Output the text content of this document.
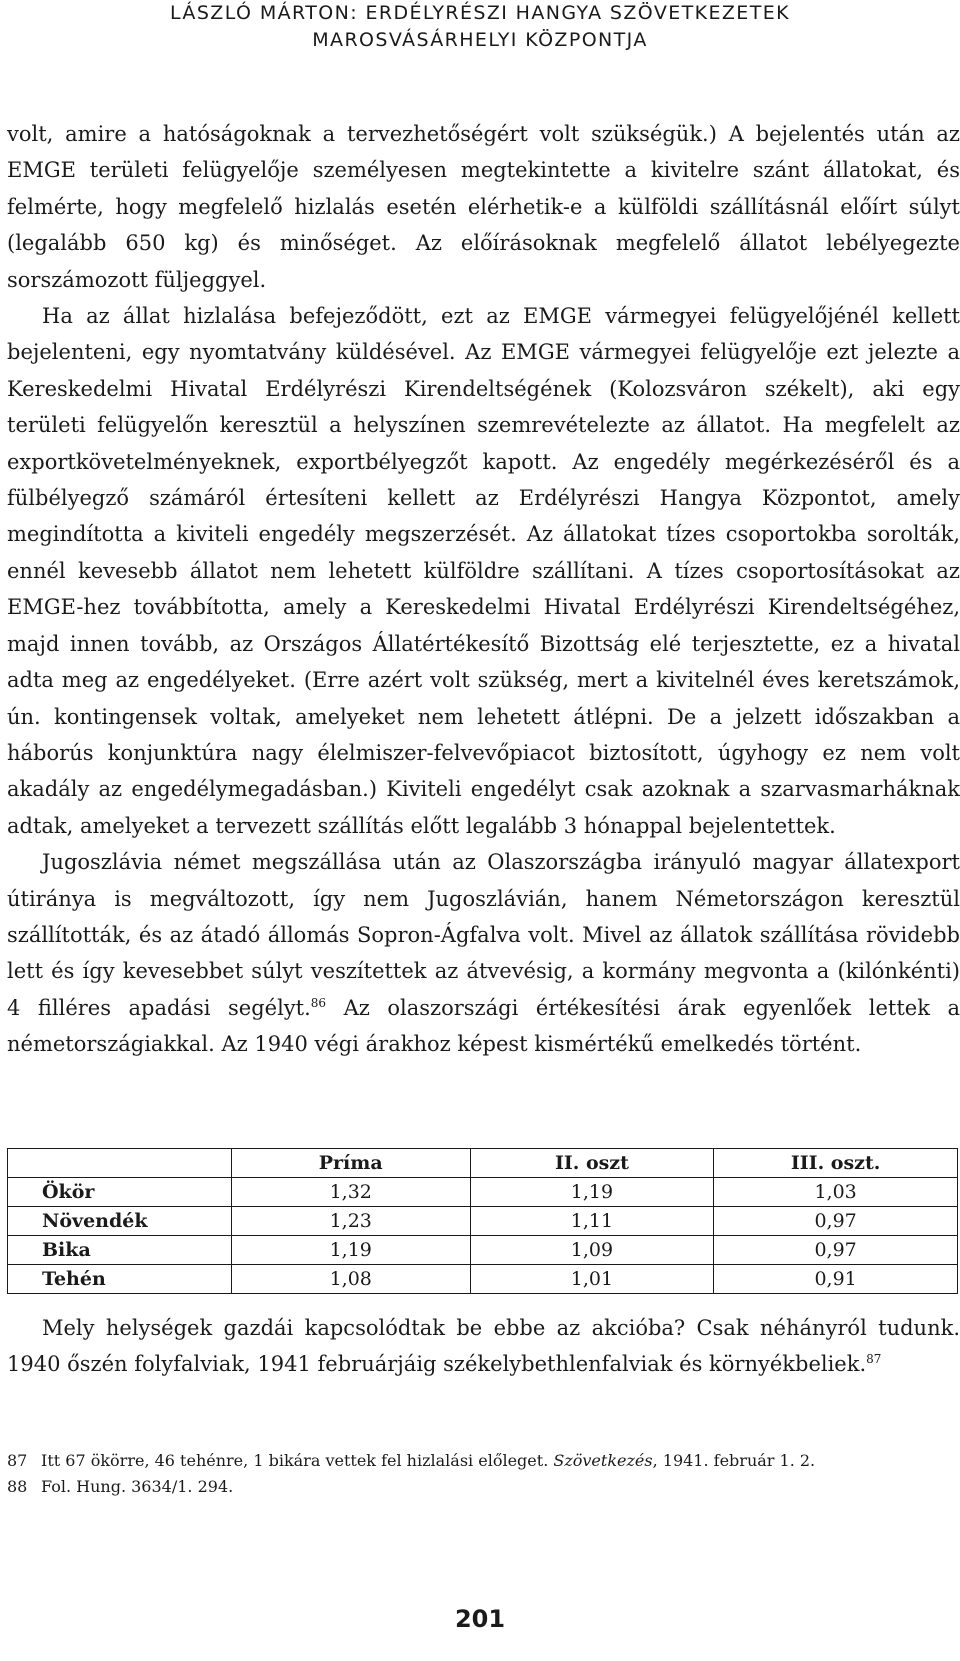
LÁSZLÓ MÁRTON: ERDÉLYRÉSZI HANGYA SZÖVETKEZETEK
MAROSVÁSÁRHELYI KÖZPONTJA

volt, amire a hatóságoknak a tervezhetőségért volt szükségük.) A bejelentés után az EMGE területi felügyelője személyesen megtekintette a kivitelre szánt állatokat, és felmérte, hogy megfelelő hizlalás esetén elérhetik-e a külföldi szállításnál előírt súlyt (legalább 650 kg) és minőséget. Az előírásoknak megfelelő állatot lebélyegezte sorszámozott füljeggyel.

Ha az állat hizlalása befejeződött, ezt az EMGE vármegyei felügyelőjénél kellett bejelenteni, egy nyomtatvány küldésével. Az EMGE vármegyei felügyelője ezt jelezte a Kereskedelmi Hivatal Erdélyrészi Kirendeltségének (Kolozsváron székelt), aki egy területi felügyelőn keresztül a helyszínen szemrevételezte az állatot. Ha megfelelt az exportkövetelményeknek, exportbélyegzőt kapott. Az engedély megérkezéséről és a fülbélyegző számáról értesíteni kellett az Erdélyrészi Hangya Központot, amely megindította a kiviteli engedély megszerzését. Az állatokat tízes csoportokba sorolták, ennél kevesebb állatot nem lehetett külföldre szállítani. A tízes csoportosításokat az EMGE-hez továbbította, amely a Kereskedelmi Hivatal Erdélyrészi Kirendeltségéhez, majd innen tovább, az Országos Állatértékesítő Bizottság elé terjesztette, ez a hivatal adta meg az engedélyeket. (Erre azért volt szükség, mert a kivitelnél éves keretszámok, ún. kontingensek voltak, amelyeket nem lehetett átlépni. De a jelzett időszakban a háborús konjunktúra nagy élelmiszer-felvevőpiacot biztosított, úgyhogy ez nem volt akadály az engedélymegadásban.) Kiviteli engedélyt csak azoknak a szarvasmarháknak adtak, amelyeket a tervezett szállítás előtt legalább 3 hónappal bejelentettek.

Jugoszlávia német megszállása után az Olaszországba irányuló magyar állatexport útiránya is megváltozott, így nem Jugoszlávián, hanem Németországon keresztül szállították, és az átadó állomás Sopron-Ágfalva volt. Mivel az állatok szállítása rövidebb lett és így kevesebbet súlyt veszítettek az átvevésig, a kormány megvonta a (kilónkénti) 4 filléres apadási segélyt.$^{86}$ Az olaszországi értékesítési árak egyenlőek lettek a németországiakkal. Az 1940 végi árakhoz képest kismértékű emelkedés történt.

	Príma	II. oszt	III. oszt.
Ökör	1,32	1,19	1,03
Növendék	1,23	1,11	0,97
Bika	1,19	1,09	0,97
Tehén	1,08	1,01	0,91

Mely helységek gazdái kapcsolódtak be ebbe az akcióba? Csak néhányról tudunk. 1940 őszén folyfalviak, 1941 februárjáig székelybethlenfalviak és környékbeliek.$^{87}$

87 Itt 67 ökörre, 46 tehénre, 1 bikára vettek fel hizlalási előleget. Szövetkezés, 1941. február 1. 2.
88 Fol. Hung. 3634/1. 294.
201
